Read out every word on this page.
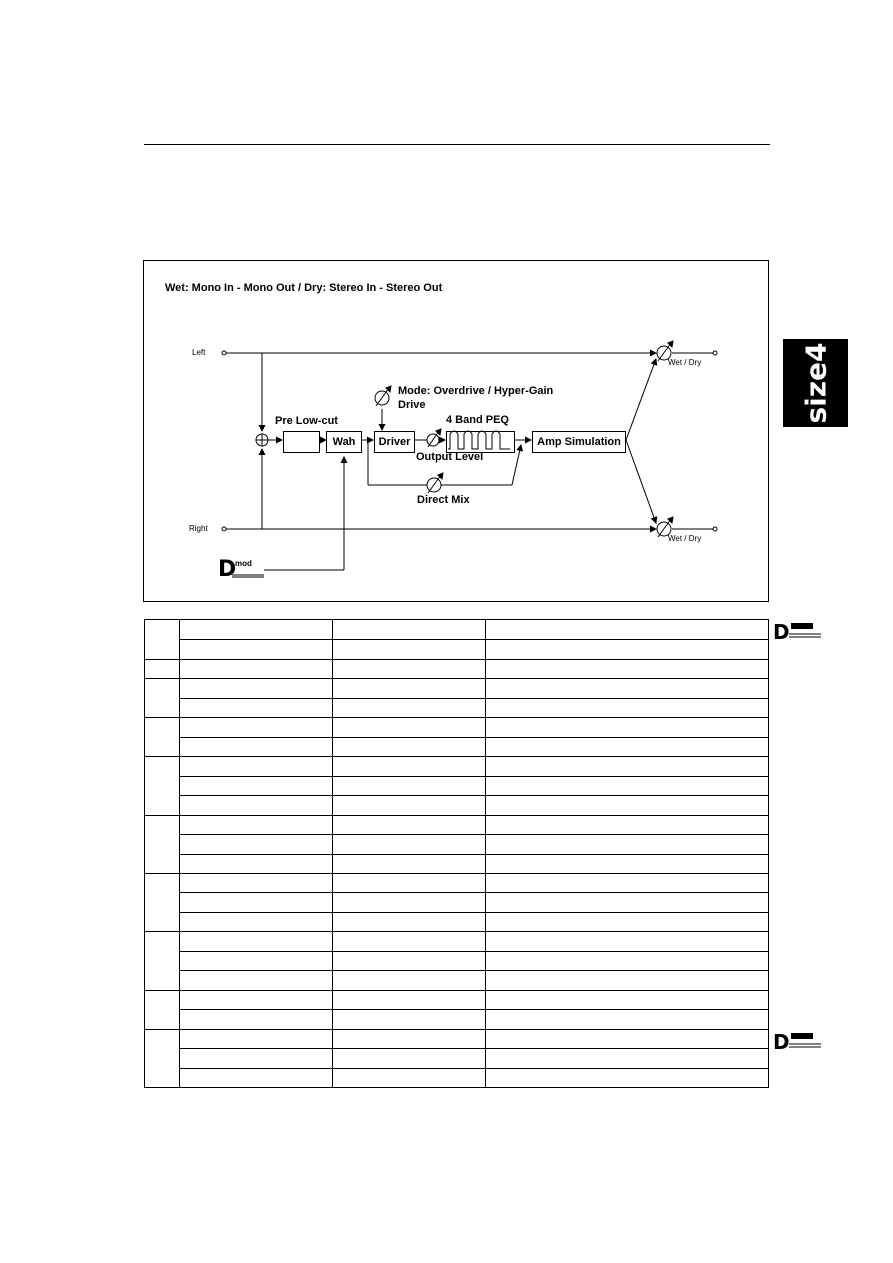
size4
Wet: Mono In - Mono Out / Dry: Stereo In - Stereo Out
Left
Right
Wet / Dry
Wet / Dry
Pre Low-cut
Mode: Overdrive / Hyper-Gain
Drive
4 Band PEQ
Output Level
Direct Mix
Wah Driver	Amp Simulation
D
mod
D
D
